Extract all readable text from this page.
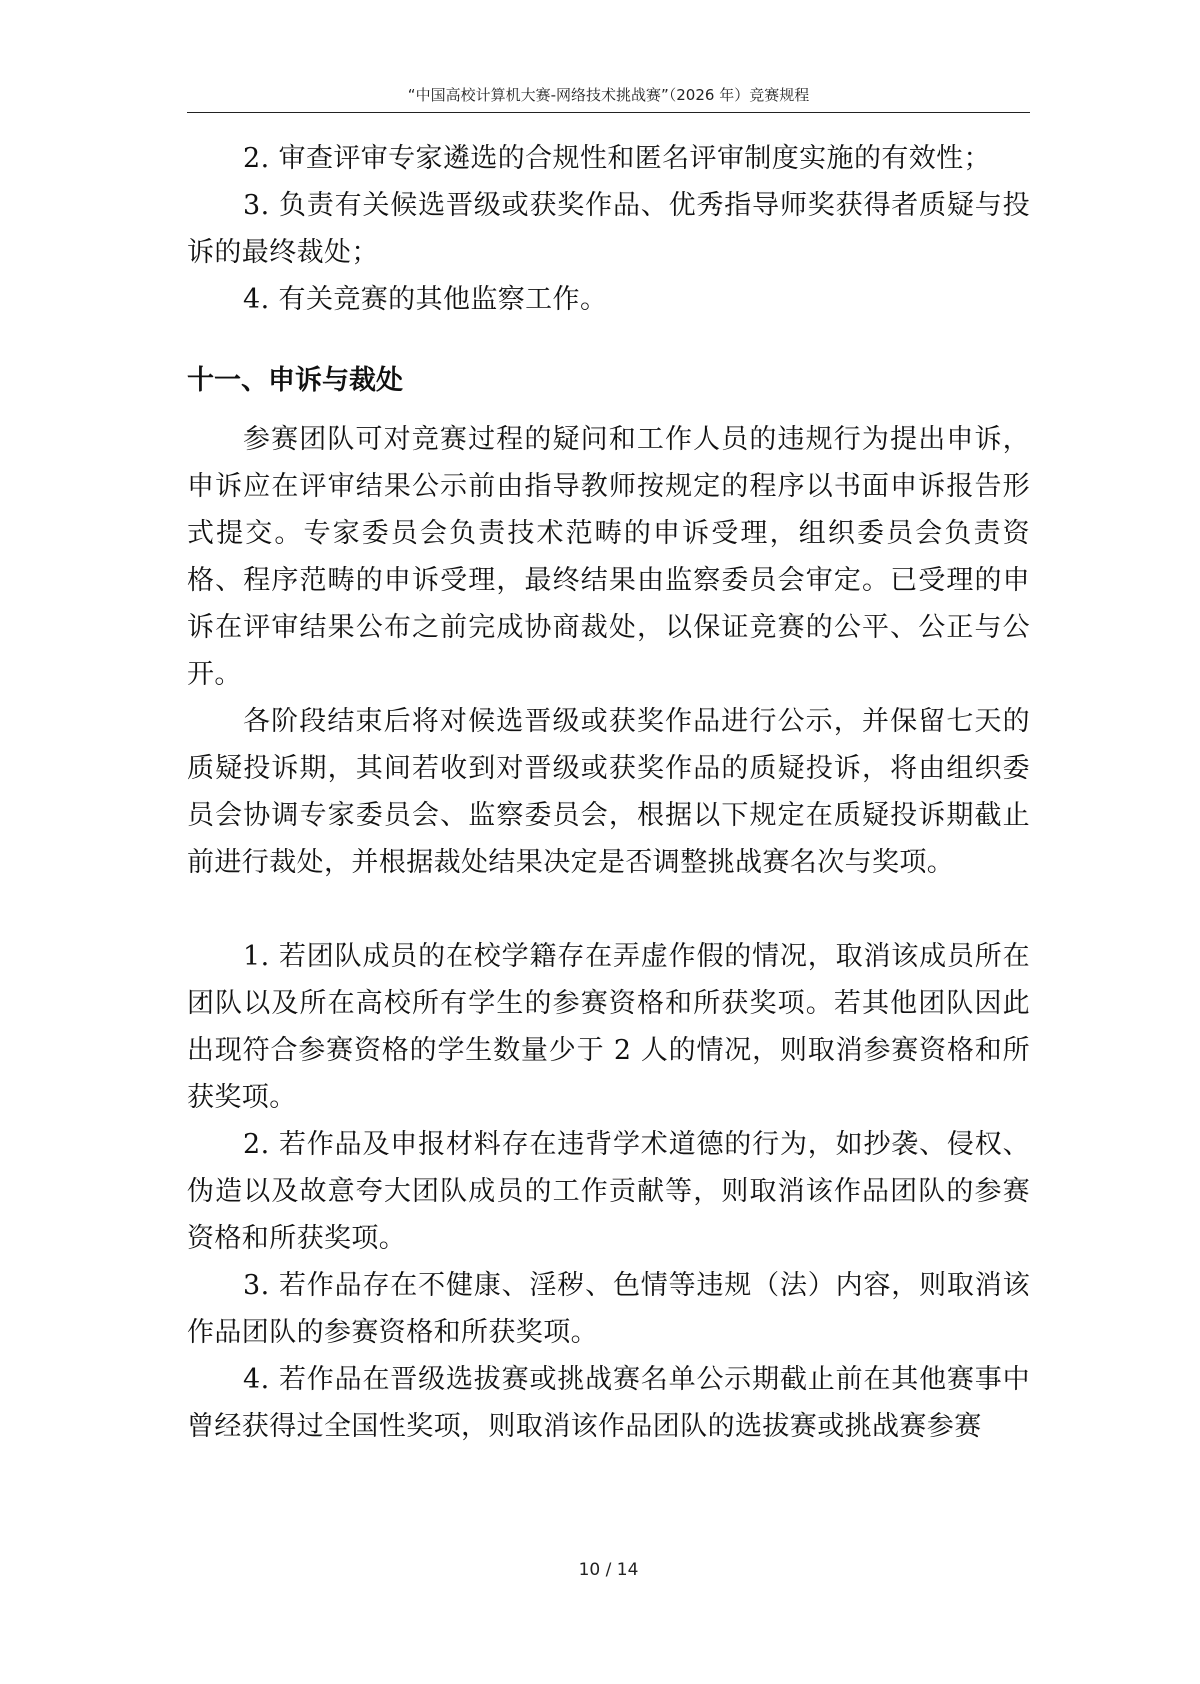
“中国高校计算机大赛-网络技术挑战赛”（2026 年）竞赛规程

2. 审查评审专家遴选的合规性和匿名评审制度实施的有效性；

3. 负责有关候选晋级或获奖作品、优秀指导师奖获得者质疑与投诉的最终裁处；

4. 有关竞赛的其他监察工作。

十一、申诉与裁处

参赛团队可对竞赛过程的疑问和工作人员的违规行为提出申诉，申诉应在评审结果公示前由指导教师按规定的程序以书面申诉报告形式提交。专家委员会负责技术范畴的申诉受理，组织委员会负责资格、程序范畴的申诉受理，最终结果由监察委员会审定。已受理的申诉在评审结果公布之前完成协商裁处，以保证竞赛的公平、公正与公开。

各阶段结束后将对候选晋级或获奖作品进行公示，并保留七天的质疑投诉期，其间若收到对晋级或获奖作品的质疑投诉，将由组织委员会协调专家委员会、监察委员会，根据以下规定在质疑投诉期截止前进行裁处，并根据裁处结果决定是否调整挑战赛名次与奖项。

1. 若团队成员的在校学籍存在弄虚作假的情况，取消该成员所在团队以及所在高校所有学生的参赛资格和所获奖项。若其他团队因此出现符合参赛资格的学生数量少于 2 人的情况，则取消参赛资格和所获奖项。

2. 若作品及申报材料存在违背学术道德的行为，如抄袭、侵权、伪造以及故意夸大团队成员的工作贡献等，则取消该作品团队的参赛资格和所获奖项。

3. 若作品存在不健康、淫秽、色情等违规（法）内容，则取消该作品团队的参赛资格和所获奖项。

4. 若作品在晋级选拔赛或挑战赛名单公示期截止前在其他赛事中曾经获得过全国性奖项，则取消该作品团队的选拔赛或挑战赛参赛

10 / 14
